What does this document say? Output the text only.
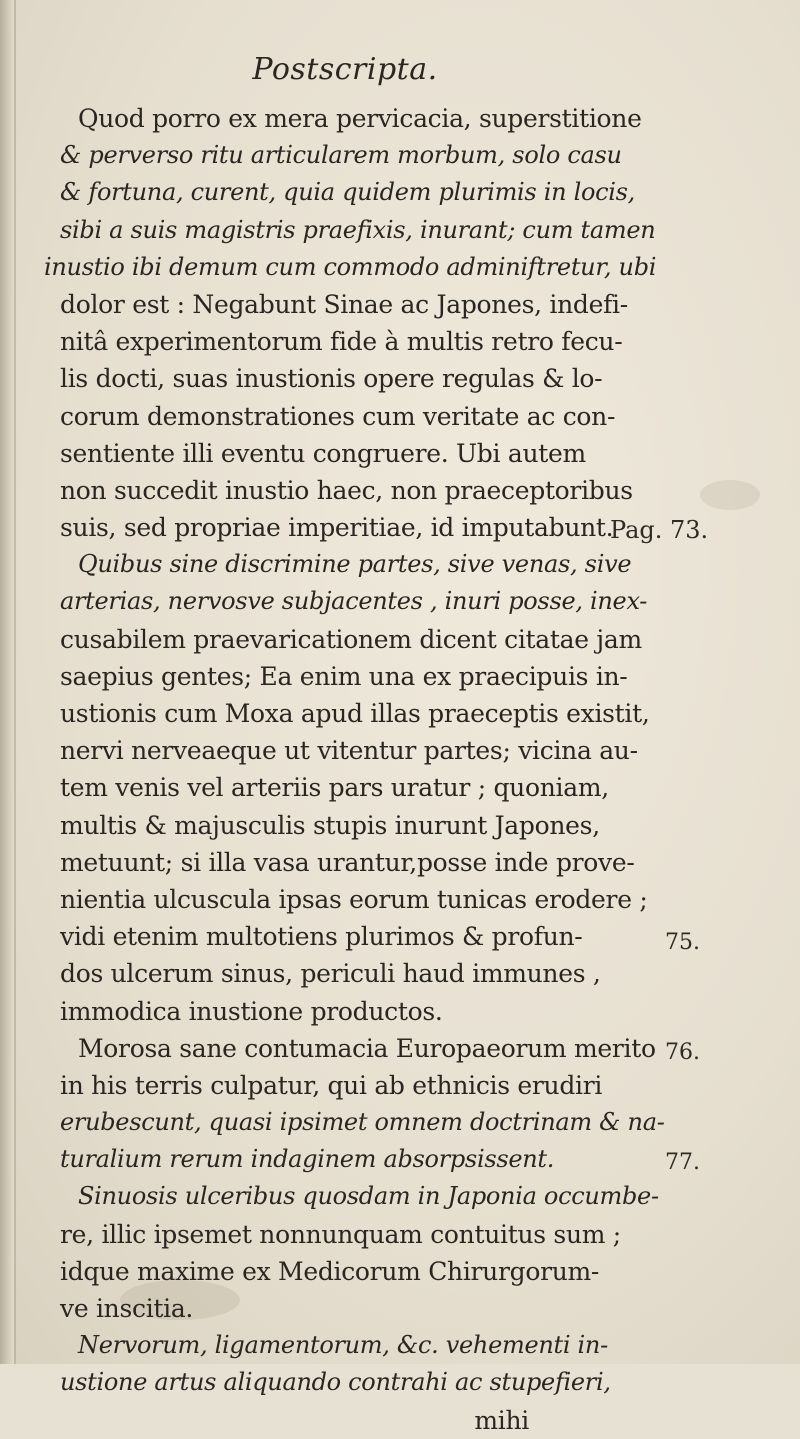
Postscripta.
Quod porro ex mera pervicacia, superstitione
& perverso ritu articularem morbum, solo casu
& fortuna, curent, quia quidem plurimis in locis,
sibi a suis magistris praefixis, inurant; cum tamen
inustio ibi demum cum commodo adminiftretur, ubi
dolor est : Negabunt Sinae ac Japones, indefi-
nitâ experimentorum fide à multis retro fecu-
lis docti, suas inustionis opere regulas & lo-
corum demonstrationes cum veritate ac con-
sentiente illi eventu congruere. Ubi autem
non succedit inustio haec, non praeceptoribus
suis, sed propriae imperitiae, id imputabunt.
Quibus sine discrimine partes, sive venas, sive
arterias, nervosve subjacentes , inuri posse, inex-
cusabilem praevaricationem dicent citatae jam
saepius gentes; Ea enim una ex praecipuis in-
ustionis cum Moxa apud illas praeceptis existit,
nervi nerveaeque ut vitentur partes; vicina au-
tem venis vel arteriis pars uratur ; quoniam,
multis & majusculis stupis inurunt Japones,
metuunt; si illa vasa urantur,posse inde prove-
nientia ulcuscula ipsas eorum tunicas erodere ;
vidi etenim multotiens plurimos & profun-
dos ulcerum sinus, periculi haud immunes ,
immodica inustione productos.
Morosa sane contumacia Europaeorum merito
in his terris culpatur, qui ab ethnicis erudiri
erubescunt, quasi ipsimet omnem doctrinam & na-
turalium rerum indaginem absorpsissent.
Sinuosis ulceribus quosdam in Japonia occumbe-
re, illic ipsemet nonnunquam contuitus sum ;
idque maxime ex Medicorum Chirurgorum-
ve inscitia.
Nervorum, ligamentorum, &c. vehementi in-
ustione artus aliquando contrahi ac stupefieri,
mihi
Pag. 73.
75.
76.
77.
